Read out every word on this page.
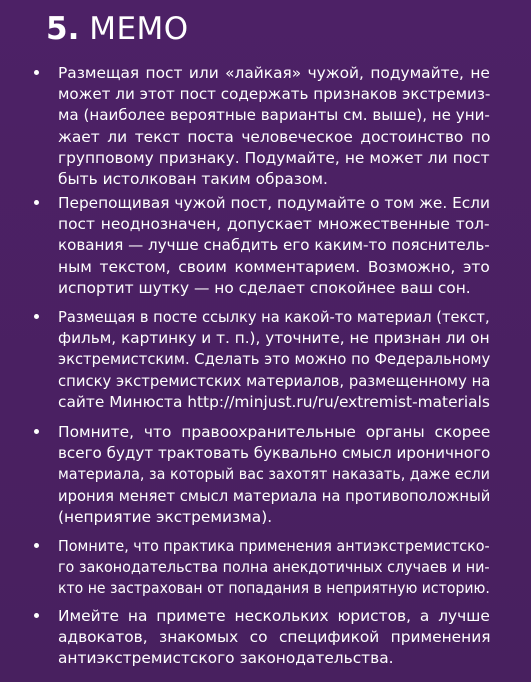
5. MEMO
Размещая пост или «лайкая» чужой, подумайте, не
может ли этот пост содержать признаков экстремиз-
ма (наиболее вероятные варианты см. выше), не уни-
жает ли текст поста человеческое достоинство по
групповому признаку. Подумайте, не может ли пост
быть истолкован таким образом.
Перепощивая чужой пост, подумайте о том же. Если
пост неоднозначен, допускает множественные тол-
кования — лучше снабдить его каким-то пояснитель-
ным текстом, своим комментарием. Возможно, это
испортит шутку — но сделает спокойнее ваш сон.
Размещая в посте ссылку на какой-то материал (текст,
фильм, картинку и т. п.), уточните, не признан ли он
экстремистским. Сделать это можно по Федеральному
списку экстремистских материалов, размещенному на
сайте Минюста http://minjust.ru/ru/extremist-materials
Помните, что правоохранительные органы скорее
всего будут трактовать буквально смысл ироничного
материала, за который вас захотят наказать, даже если
ирония меняет смысл материала на противоположный
(неприятие экстремизма).
Помните, что практика применения антиэкстремистско-
го законодательства полна анекдотичных случаев и ни-
кто не застрахован от попадания в неприятную историю.
Имейте на примете нескольких юристов, а лучше
адвокатов, знакомых со спецификой применения
антиэкстремистского законодательства.
